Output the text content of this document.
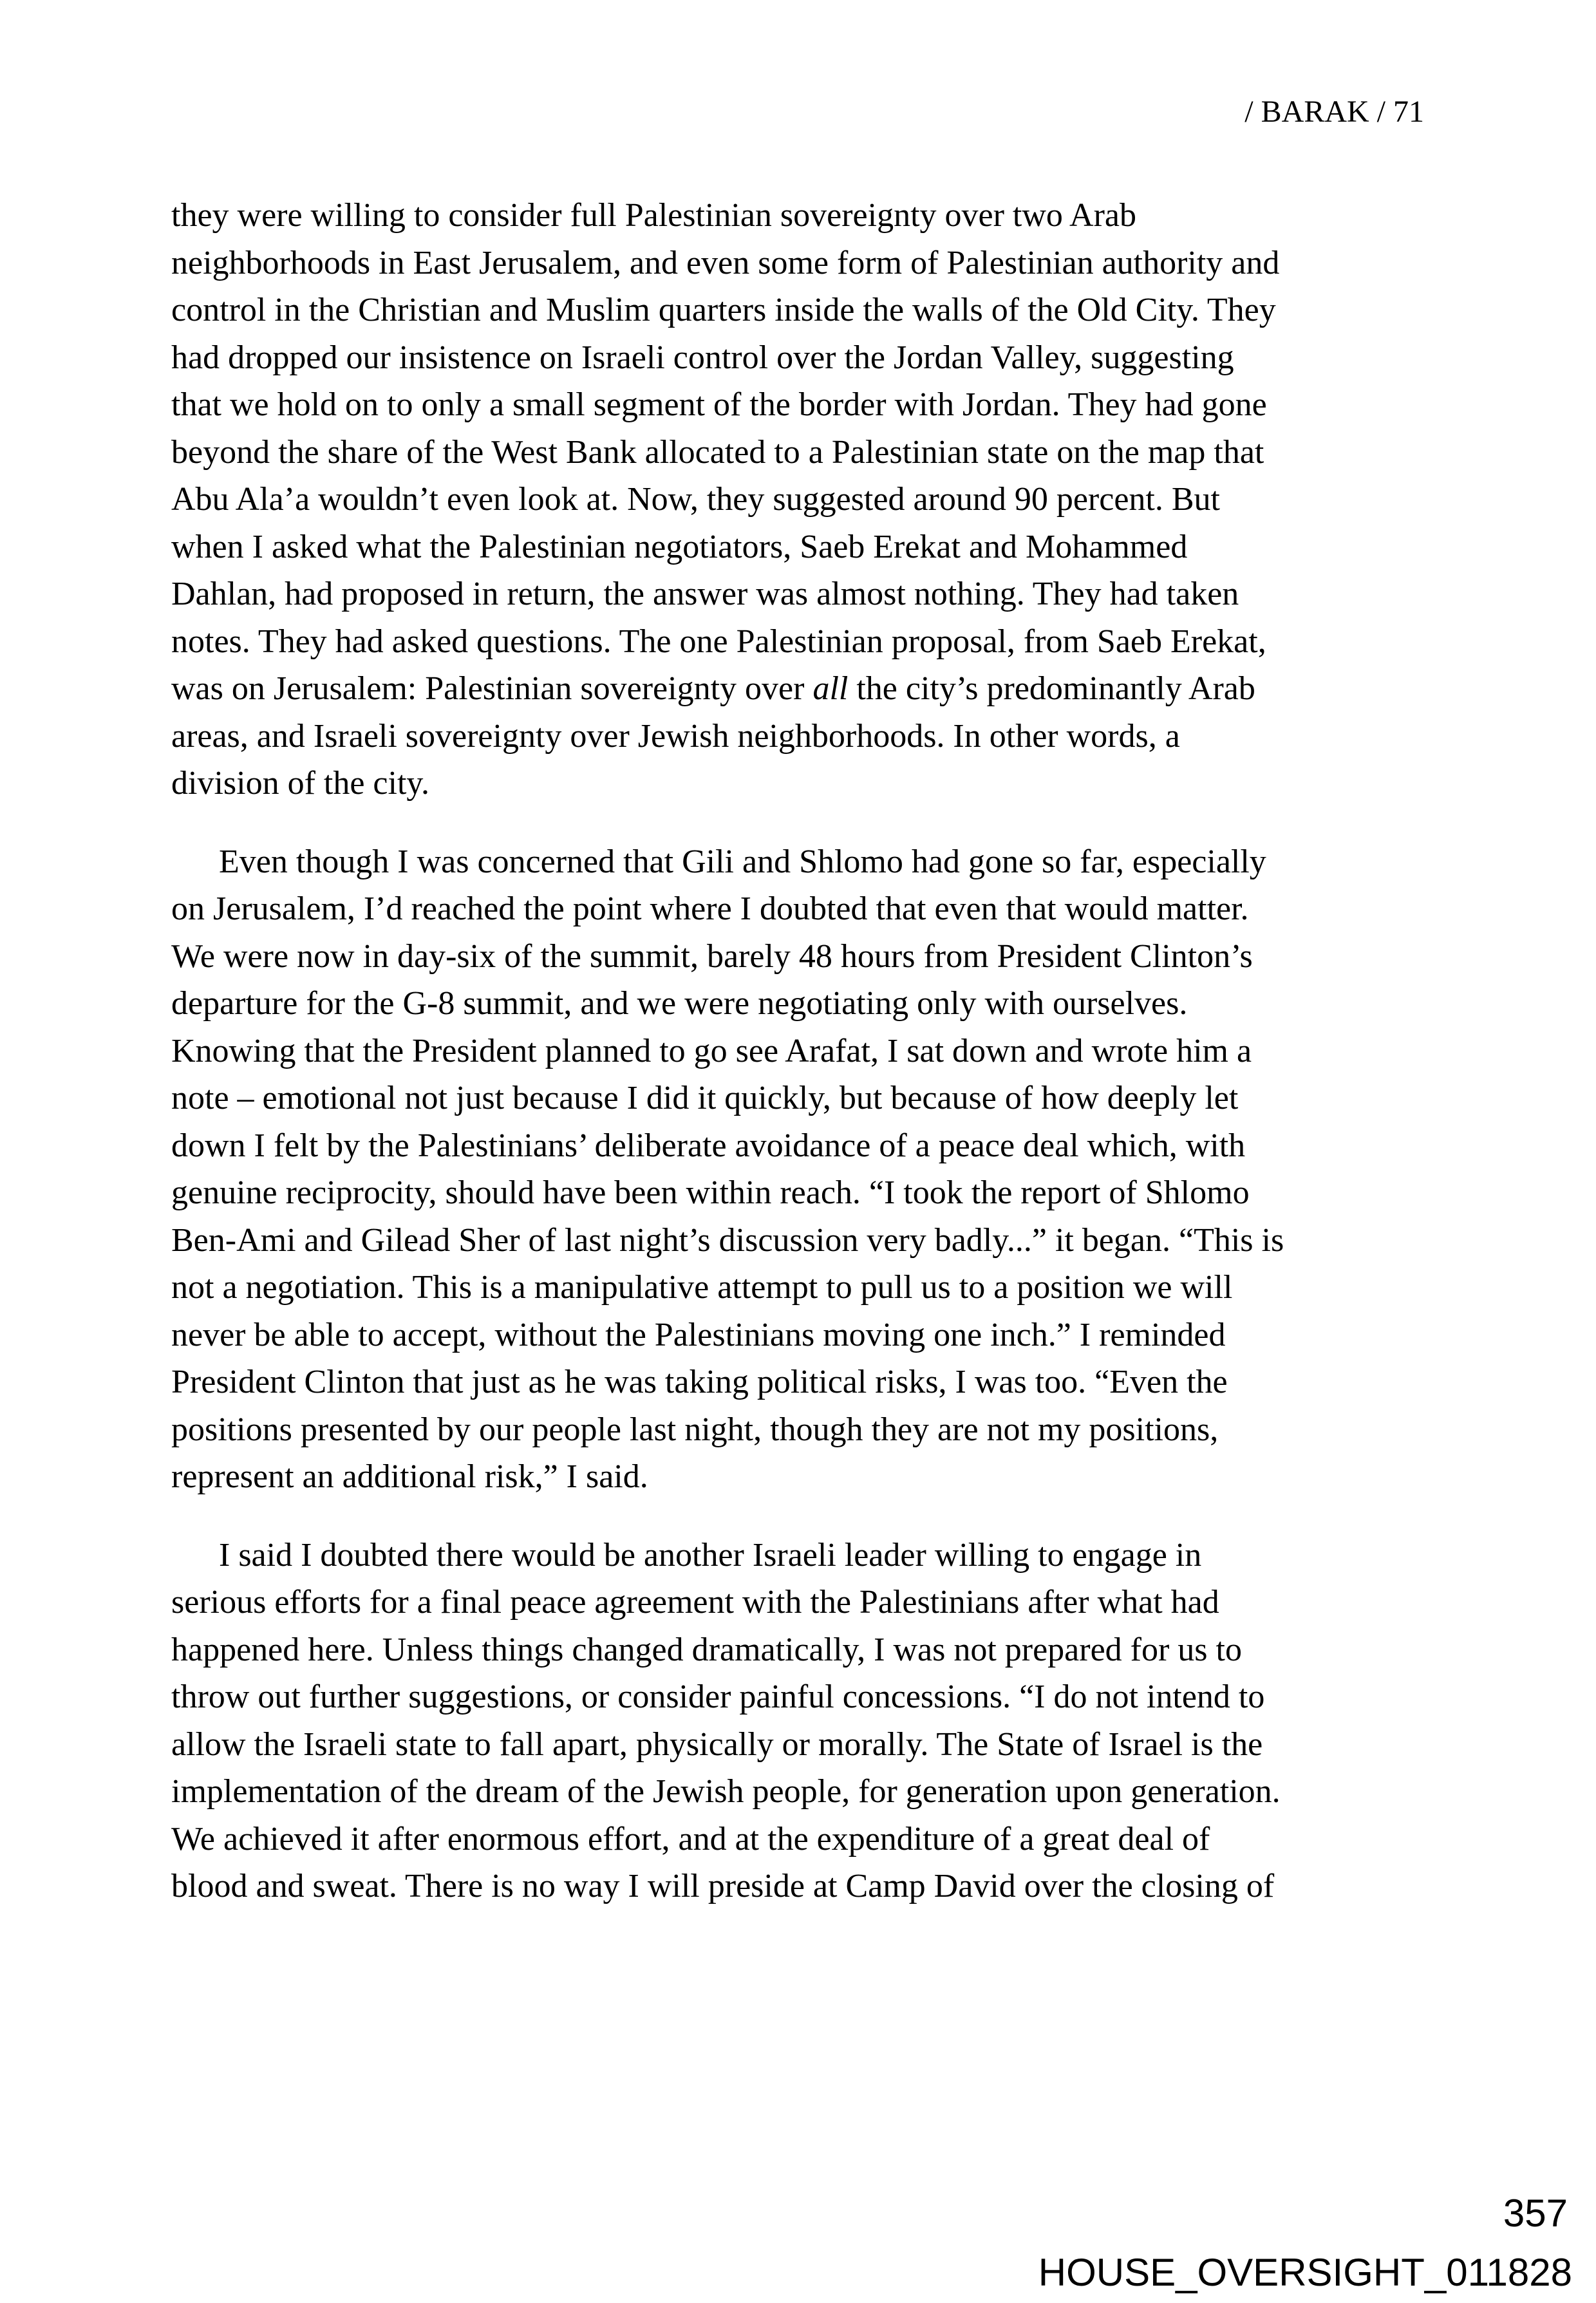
/ BARAK / 71
they were willing to consider full Palestinian sovereignty over two Arab
neighborhoods in East Jerusalem, and even some form of Palestinian authority and
control in the Christian and Muslim quarters inside the walls of the Old City. They
had dropped our insistence on Israeli control over the Jordan Valley, suggesting
that we hold on to only a small segment of the border with Jordan. They had gone
beyond the share of the West Bank allocated to a Palestinian state on the map that
Abu Ala’a wouldn’t even look at. Now, they suggested around 90 percent. But
when I asked what the Palestinian negotiators, Saeb Erekat and Mohammed
Dahlan, had proposed in return, the answer was almost nothing. They had taken
notes. They had asked questions. The one Palestinian proposal, from Saeb Erekat,
was on Jerusalem: Palestinian sovereignty over all the city’s predominantly Arab
areas, and Israeli sovereignty over Jewish neighborhoods. In other words, a
division of the city.
Even though I was concerned that Gili and Shlomo had gone so far, especially
on Jerusalem, I’d reached the point where I doubted that even that would matter.
We were now in day-six of the summit, barely 48 hours from President Clinton’s
departure for the G-8 summit, and we were negotiating only with ourselves.
Knowing that the President planned to go see Arafat, I sat down and wrote him a
note – emotional not just because I did it quickly, but because of how deeply let
down I felt by the Palestinians’ deliberate avoidance of a peace deal which, with
genuine reciprocity, should have been within reach. “I took the report of Shlomo
Ben-Ami and Gilead Sher of last night’s discussion very badly...” it began. “This is
not a negotiation. This is a manipulative attempt to pull us to a position we will
never be able to accept, without the Palestinians moving one inch.” I reminded
President Clinton that just as he was taking political risks, I was too. “Even the
positions presented by our people last night, though they are not my positions,
represent an additional risk,” I said.
I said I doubted there would be another Israeli leader willing to engage in
serious efforts for a final peace agreement with the Palestinians after what had
happened here. Unless things changed dramatically, I was not prepared for us to
throw out further suggestions, or consider painful concessions. “I do not intend to
allow the Israeli state to fall apart, physically or morally. The State of Israel is the
implementation of the dream of the Jewish people, for generation upon generation.
We achieved it after enormous effort, and at the expenditure of a great deal of
blood and sweat. There is no way I will preside at Camp David over the closing of
357
HOUSE_OVERSIGHT_011828
